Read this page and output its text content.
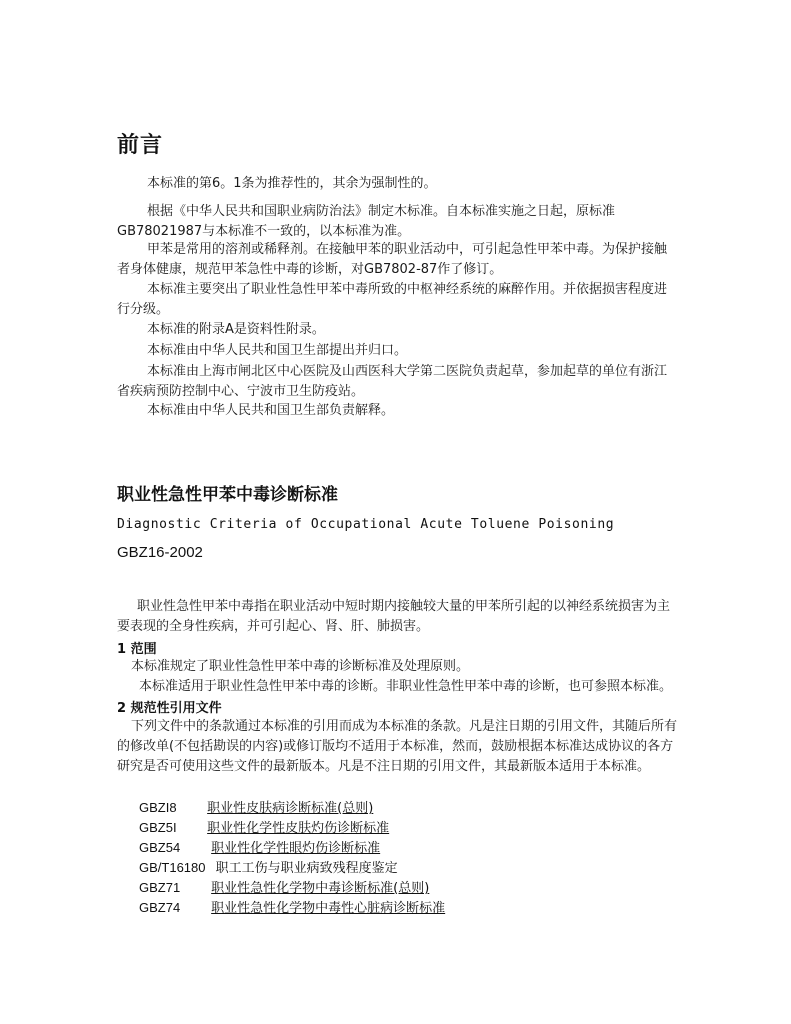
前言

本标准的第6。1条为推荐性的，其余为强制性的。

根据《中华人民共和国职业病防治法》制定木标准。自本标准实施之日起，原标准GB78021987与本标准不一致的，以本标准为准。

甲苯是常用的溶剂或稀释剂。在接触甲苯的职业活动中，可引起急性甲苯中毒。为保护接触者身体健康，规范甲苯急性中毒的诊断，对GB7802-87作了修订。

本标准主要突出了职业性急性甲苯中毒所致的中枢神经系统的麻醉作用。并依据损害程度进行分级。

本标准的附录A是资料性附录。

本标准由中华人民共和国卫生部提出并归口。

本标准由上海市闸北区中心医院及山西医科大学第二医院负责起草，参加起草的单位有浙江省疾病预防控制中心、宁波市卫生防疫站。

本标准由中华人民共和国卫生部负责解释。

职业性急性甲苯中毒诊断标准
Diagnostic Criteria of Occupational Acute Toluene Poisoning
GBZ16-2002

职业性急性甲苯中毒指在职业活动中短时期内接触较大量的甲苯所引起的以神经系统损害为主要表现的全身性疾病，并可引起心、肾、肝、肺损害。

1 范围

本标准规定了职业性急性甲苯中毒的诊断标准及处理原则。

本标准适用于职业性急性甲苯中毒的诊断。非职业性急性甲苯中毒的诊断，也可参照本标准。

2 规范性引用文件

下列文件中的条款通过本标准的引用而成为本标准的条款。凡是注日期的引用文件，其随后所有的修改单(不包括勘误的内容)或修订版均不适用于本标准，然而，鼓励根据本标准达成协议的各方研究是否可使用这些文件的最新版本。凡是不注日期的引用文件，其最新版本适用于本标准。

GBZI8 职业性皮肤病诊断标准(总则)
GBZ5I 职业性化学性皮肤灼伤诊断标准
GBZ54 职业性化学性眼灼伤诊断标准
GB/T16180 职工工伤与职业病致残程度鉴定
GBZ71 职业性急性化学物中毒诊断标准(总则)
GBZ74 职业性急性化学物中毒性心脏病诊断标准
